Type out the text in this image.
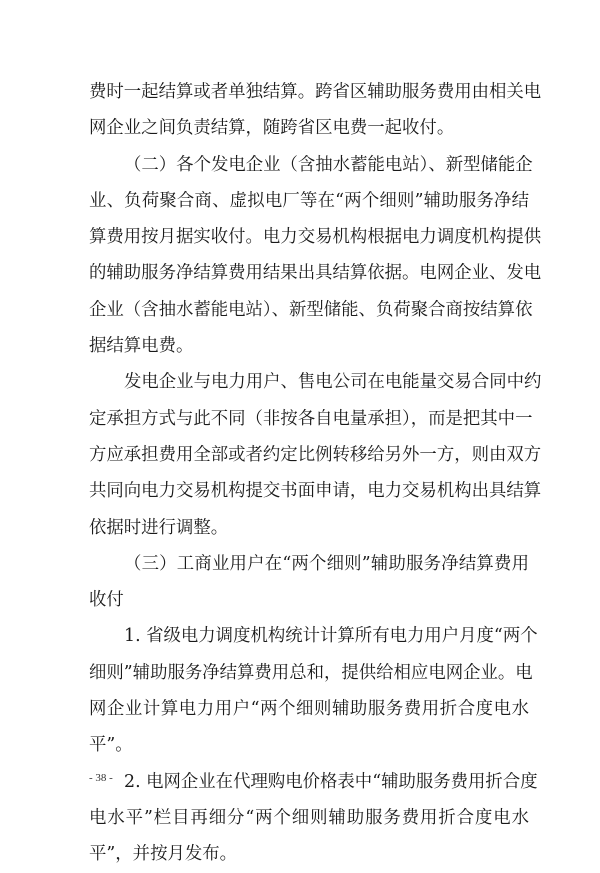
费时一起结算或者单独结算。跨省区辅助服务费用由相关电
网企业之间负责结算，随跨省区电费一起收付。
（二）各个发电企业（含抽水蓄能电站）、新型储能企
业、负荷聚合商、虚拟电厂等在“两个细则”辅助服务净结
算费用按月据实收付。电力交易机构根据电力调度机构提供
的辅助服务净结算费用结果出具结算依据。电网企业、发电
企业（含抽水蓄能电站）、新型储能、负荷聚合商按结算依
据结算电费。
发电企业与电力用户、售电公司在电能量交易合同中约
定承担方式与此不同（非按各自电量承担），而是把其中一
方应承担费用全部或者约定比例转移给另外一方，则由双方
共同向电力交易机构提交书面申请，电力交易机构出具结算
依据时进行调整。
（三）工商业用户在“两个细则”辅助服务净结算费用
收付
1. 省级电力调度机构统计计算所有电力用户月度“两个
细则”辅助服务净结算费用总和，提供给相应电网企业。电
网企业计算电力用户“两个细则辅助服务费用折合度电水
平”。
2. 电网企业在代理购电价格表中“辅助服务费用折合度
电水平”栏目再细分“两个细则辅助服务费用折合度电水
平”，并按月发布。
- 38 -
